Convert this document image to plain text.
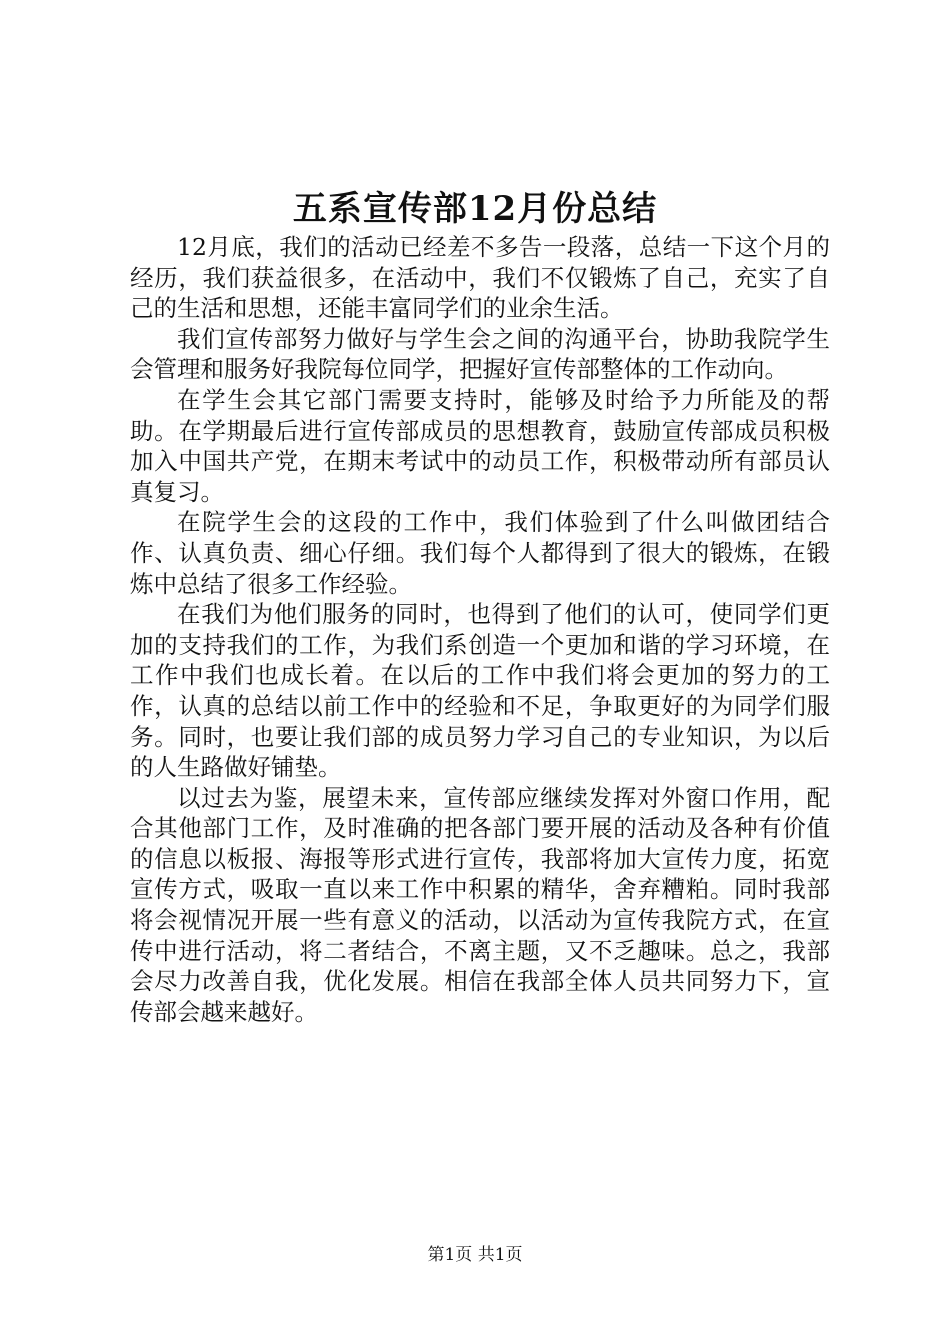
五系宣传部12月份总结

12月底，我们的活动已经差不多告一段落，总结一下这个月的经历，我们获益很多，在活动中，我们不仅锻炼了自己，充实了自己的生活和思想，还能丰富同学们的业余生活。

我们宣传部努力做好与学生会之间的沟通平台，协助我院学生会管理和服务好我院每位同学，把握好宣传部整体的工作动向。

在学生会其它部门需要支持时，能够及时给予力所能及的帮助。在学期最后进行宣传部成员的思想教育，鼓励宣传部成员积极加入中国共产党，在期末考试中的动员工作，积极带动所有部员认真复习。

在院学生会的这段的工作中，我们体验到了什么叫做团结合作、认真负责、细心仔细。我们每个人都得到了很大的锻炼，在锻炼中总结了很多工作经验。

在我们为他们服务的同时，也得到了他们的认可，使同学们更加的支持我们的工作，为我们系创造一个更加和谐的学习环境，在工作中我们也成长着。在以后的工作中我们将会更加的努力的工作，认真的总结以前工作中的经验和不足，争取更好的为同学们服务。同时，也要让我们部的成员努力学习自己的专业知识，为以后的人生路做好铺垫。

以过去为鉴，展望未来，宣传部应继续发挥对外窗口作用，配合其他部门工作，及时准确的把各部门要开展的活动及各种有价值的信息以板报、海报等形式进行宣传，我部将加大宣传力度，拓宽宣传方式，吸取一直以来工作中积累的精华，舍弃糟粕。同时我部将会视情况开展一些有意义的活动，以活动为宣传我院方式，在宣传中进行活动，将二者结合，不离主题，又不乏趣味。总之，我部会尽力改善自我，优化发展。相信在我部全体人员共同努力下，宣传部会越来越好。

第1页 共1页
